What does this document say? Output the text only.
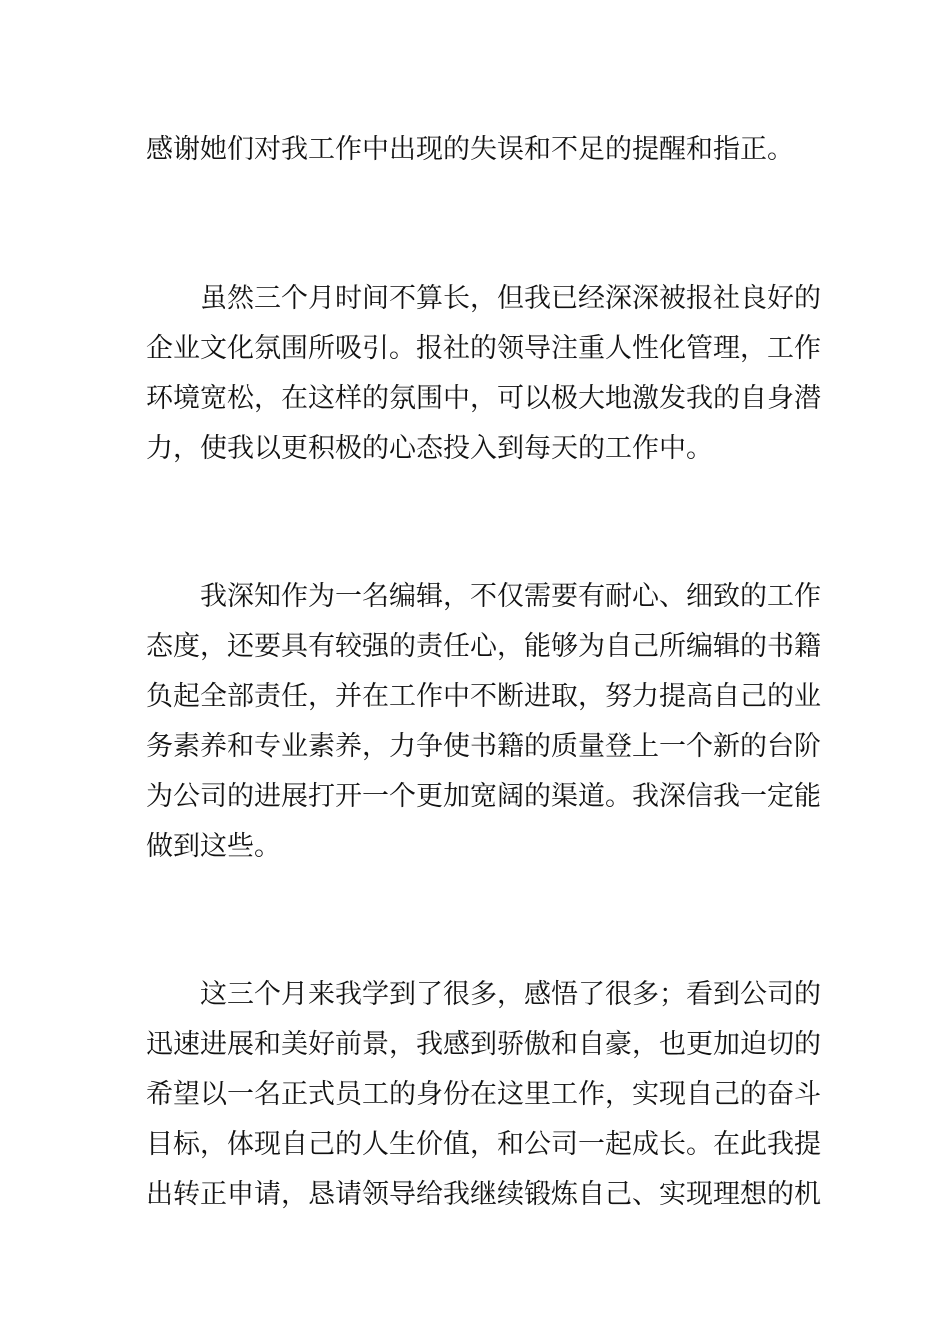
感谢她们对我工作中出现的失误和不足的提醒和指正。
虽然三个月时间不算长，但我已经深深被报社良好的
企业文化氛围所吸引。报社的领导注重人性化管理，工作
环境宽松，在这样的氛围中，可以极大地激发我的自身潜
力，使我以更积极的心态投入到每天的工作中。
我深知作为一名编辑，不仅需要有耐心、细致的工作
态度，还要具有较强的责任心，能够为自己所编辑的书籍
负起全部责任，并在工作中不断进取，努力提高自己的业
务素养和专业素养，力争使书籍的质量登上一个新的台阶
为公司的进展打开一个更加宽阔的渠道。我深信我一定能
做到这些。
这三个月来我学到了很多，感悟了很多；看到公司的
迅速进展和美好前景，我感到骄傲和自豪，也更加迫切的
希望以一名正式员工的身份在这里工作，实现自己的奋斗
目标，体现自己的人生价值，和公司一起成长。在此我提
出转正申请，恳请领导给我继续锻炼自己、实现理想的机
